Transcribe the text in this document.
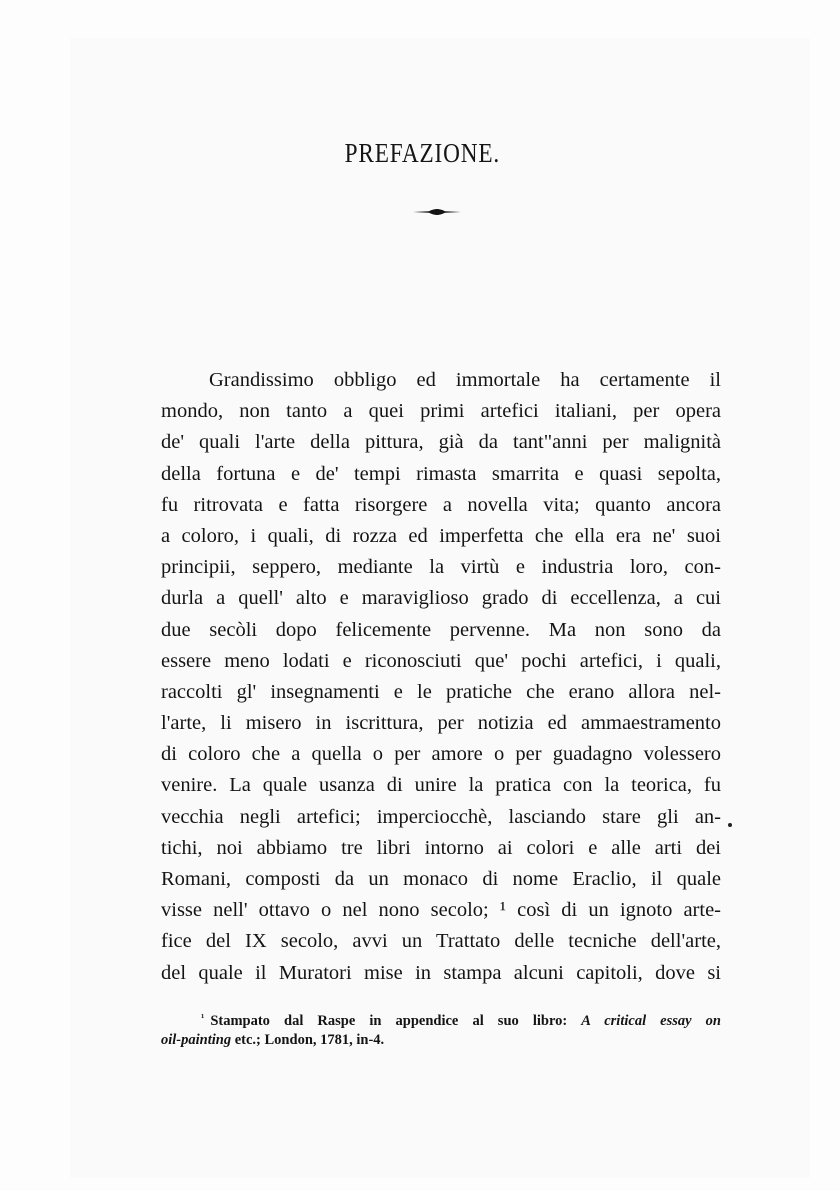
PREFAZIONE.
Grandissimo obbligo ed immortale ha certamente il
mondo, non tanto a quei primi artefici italiani, per opera
de' quali l'arte della pittura, già da tant"anni per malignità
della fortuna e de' tempi rimasta smarrita e quasi sepolta,
fu ritrovata e fatta risorgere a novella vita; quanto ancora
a coloro, i quali, di rozza ed imperfetta che ella era ne' suoi
principii, seppero, mediante la virtù e industria loro, con-
durla a quell' alto e maraviglioso grado di eccellenza, a cui
due secòli dopo felicemente pervenne. Ma non sono da
essere meno lodati e riconosciuti que' pochi artefici, i quali,
raccolti gl' insegnamenti e le pratiche che erano allora nel-
l'arte, li misero in iscrittura, per notizia ed ammaestramento
di coloro che a quella o per amore o per guadagno volessero
venire. La quale usanza di unire la pratica con la teorica, fu
vecchia negli artefici; imperciocchè, lasciando stare gli an-
tichi, noi abbiamo tre libri intorno ai colori e alle arti dei
Romani, composti da un monaco di nome Eraclio, il quale
visse nell' ottavo o nel nono secolo; ¹ così di un ignoto arte-
fice del IX secolo, avvi un Trattato delle tecniche dell'arte,
del quale il Muratori mise in stampa alcuni capitoli, dove si
$^{^1}$ Stampato dal Raspe in appendice al suo libro: A critical essay on
oil-painting etc.; London, 1781, in-4.
